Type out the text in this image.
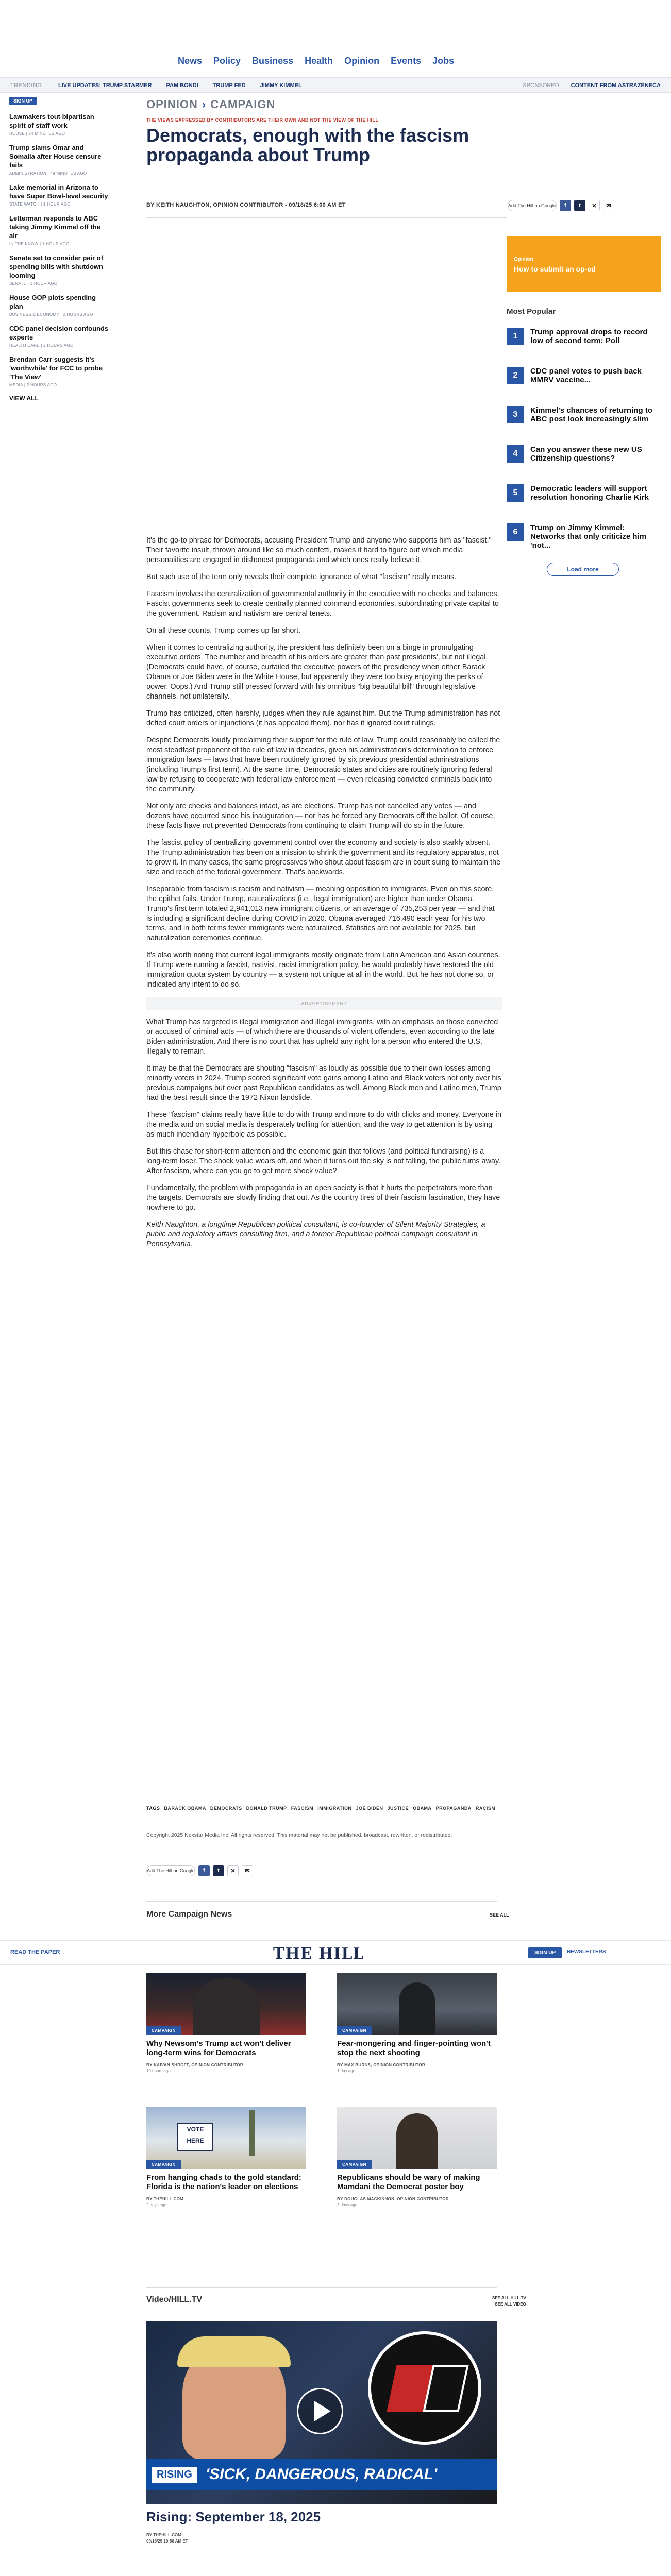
News Policy Business Health Opinion Events Jobs
TRENDING:	LIVE UPDATES: TRUMP STARMER	PAM BONDI	TRUMP FED	JIMMY KIMMEL	SPONSORED: CONTENT FROM ASTRAZENECA
SIGN UP
Lawmakers tout bipartisan spirit of staff work
HOUSE | 24 MINUTES AGO
Trump slams Omar and Somalia after House censure fails
ADMINISTRATION | 48 MINUTES AGO
Lake memorial in Arizona to have Super Bowl-level security
STATE WATCH | 1 HOUR AGO
Letterman responds to ABC taking Jimmy Kimmel off the air
IN THE KNOW | 1 HOUR AGO
Senate set to consider pair of spending bills with shutdown looming
SENATE | 1 HOUR AGO
House GOP plots spending plan
BUSINESS & ECONOMY | 2 HOURS AGO
CDC panel decision confounds experts
HEALTH CARE | 2 HOURS AGO
Brendan Carr suggests it's 'worthwhile' for FCC to probe 'The View'
MEDIA | 2 HOURS AGO
VIEW ALL
OPINION › CAMPAIGN
THE VIEWS EXPRESSED BY CONTRIBUTORS ARE THEIR OWN AND NOT THE VIEW OF THE HILL
Democrats, enough with the fascism propaganda about Trump
BY KEITH NAUGHTON, OPINION CONTRIBUTOR - 09/18/25 6:00 AM ET	Add The Hill on Google	f	t	✕	✉
Opinion
How to submit an op-ed
Most Popular
1	Trump approval drops to record low of second term: Poll
2	CDC panel votes to push back MMRV vaccine...
3	Kimmel's chances of returning to ABC post look increasingly slim
4	Can you answer these new US Citizenship questions?
5	Democratic leaders will support resolution honoring Charlie Kirk
6	Trump on Jimmy Kimmel: Networks that only criticize him 'not...
Load more

It's the go-to phrase for Democrats, accusing President Trump and anyone who supports him as "fascist." Their favorite insult, thrown around like so much confetti, makes it hard to figure out which media personalities are engaged in dishonest propaganda and which ones really believe it.

But such use of the term only reveals their complete ignorance of what "fascism" really means.

Fascism involves the centralization of governmental authority in the executive with no checks and balances. Fascist governments seek to create centrally planned command economies, subordinating private capital to the government. Racism and nativism are central tenets.

On all these counts, Trump comes up far short.

When it comes to centralizing authority, the president has definitely been on a binge in promulgating executive orders. The number and breadth of his orders are greater than past presidents', but not illegal. (Democrats could have, of course, curtailed the executive powers of the presidency when either Barack Obama or Joe Biden were in the White House, but apparently they were too busy enjoying the perks of power. Oops.) And Trump still pressed forward with his omnibus "big beautiful bill" through legislative channels, not unilaterally.

Trump has criticized, often harshly, judges when they rule against him. But the Trump administration has not defied court orders or injunctions (it has appealed them), nor has it ignored court rulings.

Despite Democrats loudly proclaiming their support for the rule of law, Trump could reasonably be called the most steadfast proponent of the rule of law in decades, given his administration's determination to enforce immigration laws — laws that have been routinely ignored by six previous presidential administrations (including Trump's first term). At the same time, Democratic states and cities are routinely ignoring federal law by refusing to cooperate with federal law enforcement — even releasing convicted criminals back into the community.

Not only are checks and balances intact, as are elections. Trump has not cancelled any votes — and dozens have occurred since his inauguration — nor has he forced any Democrats off the ballot. Of course, these facts have not prevented Democrats from continuing to claim Trump will do so in the future.

The fascist policy of centralizing government control over the economy and society is also starkly absent. The Trump administration has been on a mission to shrink the government and its regulatory apparatus, not to grow it. In many cases, the same progressives who shout about fascism are in court suing to maintain the size and reach of the federal government. That's backwards.

Inseparable from fascism is racism and nativism — meaning opposition to immigrants. Even on this score, the epithet fails. Under Trump, naturalizations (i.e., legal immigration) are higher than under Obama. Trump's first term totaled 2,941,013 new immigrant citizens, or an average of 735,253 per year — and that is including a significant decline during COVID in 2020. Obama averaged 716,490 each year for his two terms, and in both terms fewer immigrants were naturalized. Statistics are not available for 2025, but naturalization ceremonies continue.

It's also worth noting that current legal immigrants mostly originate from Latin American and Asian countries. If Trump were running a fascist, nativist, racist immigration policy, he would probably have restored the old immigration quota system by country — a system not unique at all in the world. But he has not done so, or indicated any intent to do so.

ADVERTISEMENT

What Trump has targeted is illegal immigration and illegal immigrants, with an emphasis on those convicted or accused of criminal acts — of which there are thousands of violent offenders, even according to the late Biden administration. And there is no court that has upheld any right for a person who entered the U.S. illegally to remain.

It may be that the Democrats are shouting "fascism" as loudly as possible due to their own losses among minority voters in 2024. Trump scored significant vote gains among Latino and Black voters not only over his previous campaigns but over past Republican candidates as well. Among Black men and Latino men, Trump had the best result since the 1972 Nixon landslide.

These "fascism" claims really have little to do with Trump and more to do with clicks and money. Everyone in the media and on social media is desperately trolling for attention, and the way to get attention is by using as much incendiary hyperbole as possible.

But this chase for short-term attention and the economic gain that follows (and political fundraising) is a long-term loser. The shock value wears off, and when it turns out the sky is not falling, the public turns away. After fascism, where can you go to get more shock value?

Fundamentally, the problem with propaganda in an open society is that it hurts the perpetrators more than the targets. Democrats are slowly finding that out. As the country tires of their fascism fascination, they have nowhere to go.

Keith Naughton, a longtime Republican political consultant, is co-founder of Silent Majority Strategies, a public and regulatory affairs consulting firm, and a former Republican political campaign consultant in Pennsylvania.

TAGS BARACK OBAMA DEMOCRATS DONALD TRUMP FASCISM IMMIGRATION JOE BIDEN JUSTICE OBAMA PROPAGANDA RACISM
Copyright 2025 Nexstar Media Inc. All rights reserved. This material may not be published, broadcast, rewritten, or redistributed.
Add The Hill on Google	f	t	✕	✉
More Campaign News	SEE ALL
READ THE PAPER	THE HILL	SIGN UP	NEWSLETTERS
CAMPAIGN
Why Newsom's Trump act won't deliver long-term wins for Democrats
BY KAIVAN SHROFF, OPINION CONTRIBUTOR
19 hours ago
CAMPAIGN
Fear-mongering and finger-pointing won't stop the next shooting
BY MAX BURNS, OPINION CONTRIBUTOR
1 day ago
VOTE
HERE
CAMPAIGN
From hanging chads to the gold standard: Florida is the nation's leader on elections
BY THEHILL.COM
2 days ago
CAMPAIGN
Republicans should be wary of making Mamdani the Democrat poster boy
BY DOUGLAS MACKINNON, OPINION CONTRIBUTOR
3 days ago
Video/HILL.TV	SEE ALL HILL.TV
SEE ALL VIDEO
RISING 'SICK, DANGEROUS, RADICAL'
Rising: September 18, 2025
BY THEHILL.COM
09/18/25 10:56 AM ET
